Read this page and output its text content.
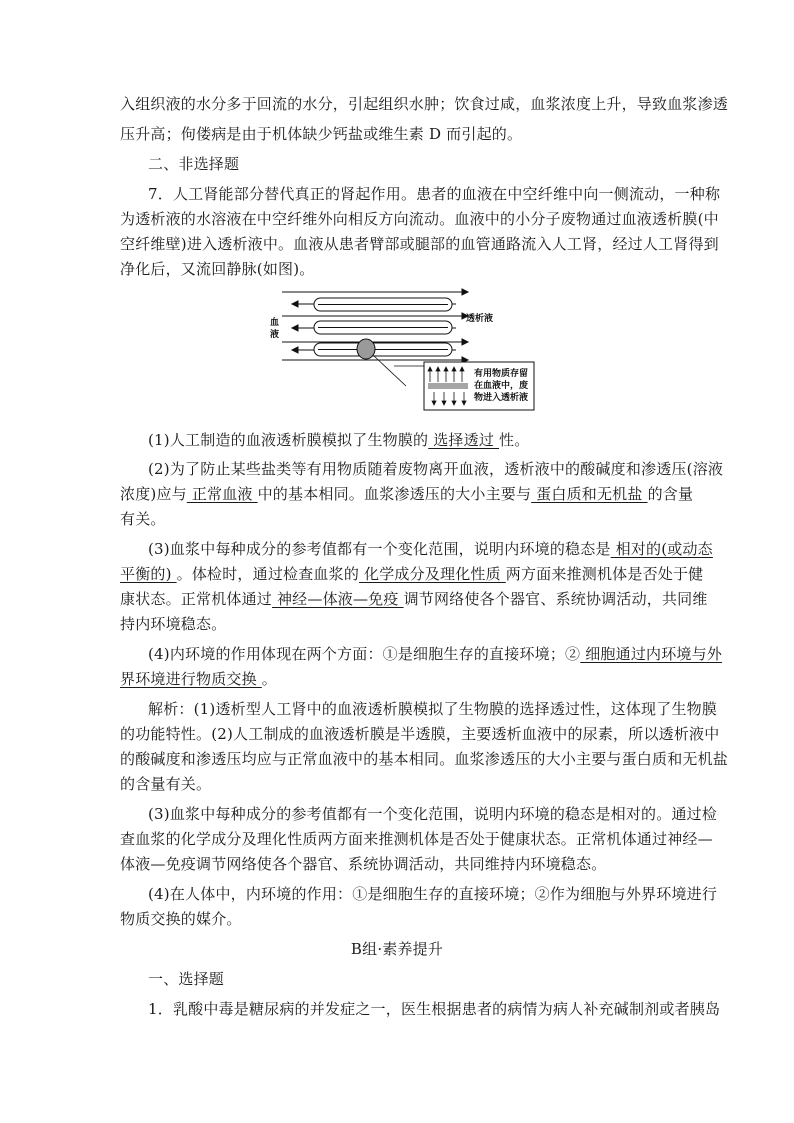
入组织液的水分多于回流的水分，引起组织水肿；饮食过咸，血浆浓度上升，导致血浆渗透
压升高；佝偻病是由于机体缺少钙盐或维生素 D 而引起的。
二、非选择题
7．人工肾能部分替代真正的肾起作用。患者的血液在中空纤维中向一侧流动，一种称
为透析液的水溶液在中空纤维外向相反方向流动。血液中的小分子废物通过血液透析膜(中
空纤维壁)进入透析液中。血液从患者臂部或腿部的血管通路流入人工肾，经过人工肾得到
净化后，又流回静脉(如图)。
血
液
透析液
有用物质存留
在血液中，废
物进入透析液
(1)人工制造的血液透析膜模拟了生物膜的 选择透过 性。
(2)为了防止某些盐类等有用物质随着废物离开血液，透析液中的酸碱度和渗透压(溶液
浓度)应与 正常血液 中的基本相同。血浆渗透压的大小主要与 蛋白质和无机盐 的含量
有关。
(3)血浆中每种成分的参考值都有一个变化范围，说明内环境的稳态是 相对的(或动态
平衡的) 。体检时，通过检查血浆的 化学成分及理化性质 两方面来推测机体是否处于健
康状态。正常机体通过 神经—体液—免疫 调节网络使各个器官、系统协调活动，共同维
持内环境稳态。
(4)内环境的作用体现在两个方面：①是细胞生存的直接环境；② 细胞通过内环境与外
界环境进行物质交换 。
解析：(1)透析型人工肾中的血液透析膜模拟了生物膜的选择透过性，这体现了生物膜
的功能特性。(2)人工制成的血液透析膜是半透膜，主要透析血液中的尿素，所以透析液中
的酸碱度和渗透压均应与正常血液中的基本相同。血浆渗透压的大小主要与蛋白质和无机盐
的含量有关。
(3)血浆中每种成分的参考值都有一个变化范围，说明内环境的稳态是相对的。通过检
查血浆的化学成分及理化性质两方面来推测机体是否处于健康状态。正常机体通过神经—
体液—免疫调节网络使各个器官、系统协调活动，共同维持内环境稳态。
(4)在人体中，内环境的作用：①是细胞生存的直接环境；②作为细胞与外界环境进行
物质交换的媒介。
B组·素养提升
一、选择题
1．乳酸中毒是糖尿病的并发症之一，医生根据患者的病情为病人补充碱制剂或者胰岛
